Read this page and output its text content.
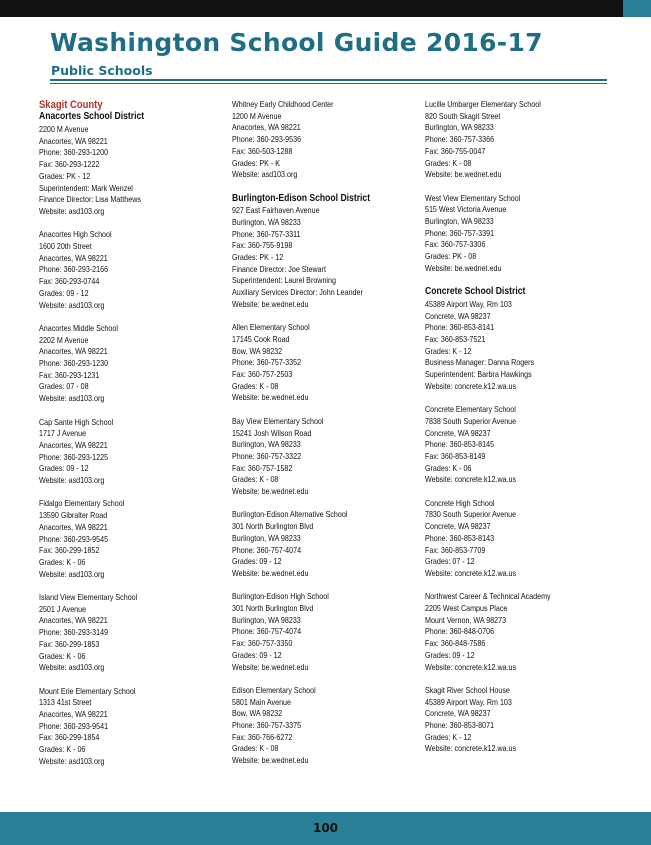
Washington School Guide 2016-17
Public Schools
Skagit County
Anacortes School District
2200 M Avenue
Anacortes, WA 98221
Phone: 360-293-1200
Fax: 360-293-1222
Grades: PK - 12
Superintendent: Mark Wenzel
Finance Director: Lisa Matthews
Website: asd103.org
Anacortes High School
1600 20th Street
Anacortes, WA 98221
Phone: 360-293-2166
Fax: 360-293-0744
Grades: 09 - 12
Website: asd103.org
Anacortes Middle School
2202 M Avenue
Anacortes, WA 98221
Phone: 360-293-1230
Fax: 360-293-1231
Grades: 07 - 08
Website: asd103.org
Cap Sante High School
1717 J Avenue
Anacortes, WA 98221
Phone: 360-293-1225
Grades: 09 - 12
Website: asd103.org
Fidalgo Elementary School
13590 Gibralter Road
Anacortes, WA 98221
Phone: 360-293-9545
Fax: 360-299-1852
Grades: K - 06
Website: asd103.org
Island View Elementary School
2501 J Avenue
Anacortes, WA 98221
Phone: 360-293-3149
Fax: 360-299-1853
Grades: K - 06
Website: asd103.org
Mount Erie Elementary School
1313 41st Street
Anacortes, WA 98221
Phone: 360-293-9541
Fax: 360-299-1854
Grades: K - 06
Website: asd103.org
Whitney Early Childhood Center
1200 M Avenue
Anacortes, WA 98221
Phone: 360-293-9536
Fax: 360-503-1288
Grades: PK - K
Website: asd103.org
Burlington-Edison School District
927 East Fairhaven Avenue
Burlington, WA 98233
Phone: 360-757-3311
Fax: 360-755-9198
Grades: PK - 12
Finance Director: Joe Stewart
Superintendent: Laurel Browning
Auxiliary Services Director: John Leander
Website: be.wednet.edu
Allen Elementary School
17145 Cook Road
Bow, WA 98232
Phone: 360-757-3352
Fax: 360-757-2503
Grades: K - 08
Website: be.wednet.edu
Bay View Elementary School
15241 Josh Wilson Road
Burlington, WA 98233
Phone: 360-757-3322
Fax: 360-757-1582
Grades: K - 08
Website: be.wednet.edu
Burlington-Edison Alternative School
301 North Burlington Blvd
Burlington, WA 98233
Phone: 360-757-4074
Grades: 09 - 12
Website: be.wednet.edu
Burlington-Edison High School
301 North Burlington Blvd
Burlington, WA 98233
Phone: 360-757-4074
Fax: 360-757-3350
Grades: 09 - 12
Website: be.wednet.edu
Edison Elementary School
5801 Main Avenue
Bow, WA 98232
Phone: 360-757-3375
Fax: 360-766-6272
Grades: K - 08
Website: be.wednet.edu
Lucille Umbarger Elementary School
820 South Skagit Street
Burlington, WA 98233
Phone: 360-757-3366
Fax: 360-755-0047
Grades: K - 08
Website: be.wednet.edu
West View Elementary School
515 West Victoria Avenue
Burlington, WA 98233
Phone: 360-757-3391
Fax: 360-757-3306
Grades: PK - 08
Website: be.wednet.edu
Concrete School District
45389 Airport Way, Rm 103
Concrete, WA 98237
Phone: 360-853-8141
Fax: 360-853-7521
Grades: K - 12
Business Manager: Danna Rogers
Superintendent: Barbra Hawkings
Website: concrete.k12.wa.us
Concrete Elementary School
7838 South Superior Avenue
Concrete, WA 98237
Phone: 360-853-8145
Fax: 360-853-8149
Grades: K - 06
Website: concrete.k12.wa.us
Concrete High School
7830 South Superior Avenue
Concrete, WA 98237
Phone: 360-853-8143
Fax: 360-853-7709
Grades: 07 - 12
Website: concrete.k12.wa.us
Northwest Career & Technical Academy
2205 West Campus Place
Mount Vernon, WA 98273
Phone: 360-848-0706
Fax: 360-848-7586
Grades: 09 - 12
Website: concrete.k12.wa.us
Skagit River School House
45389 Airport Way, Rm 103
Concrete, WA 98237
Phone: 360-853-8071
Grades: K - 12
Website: concrete.k12.wa.us
100
